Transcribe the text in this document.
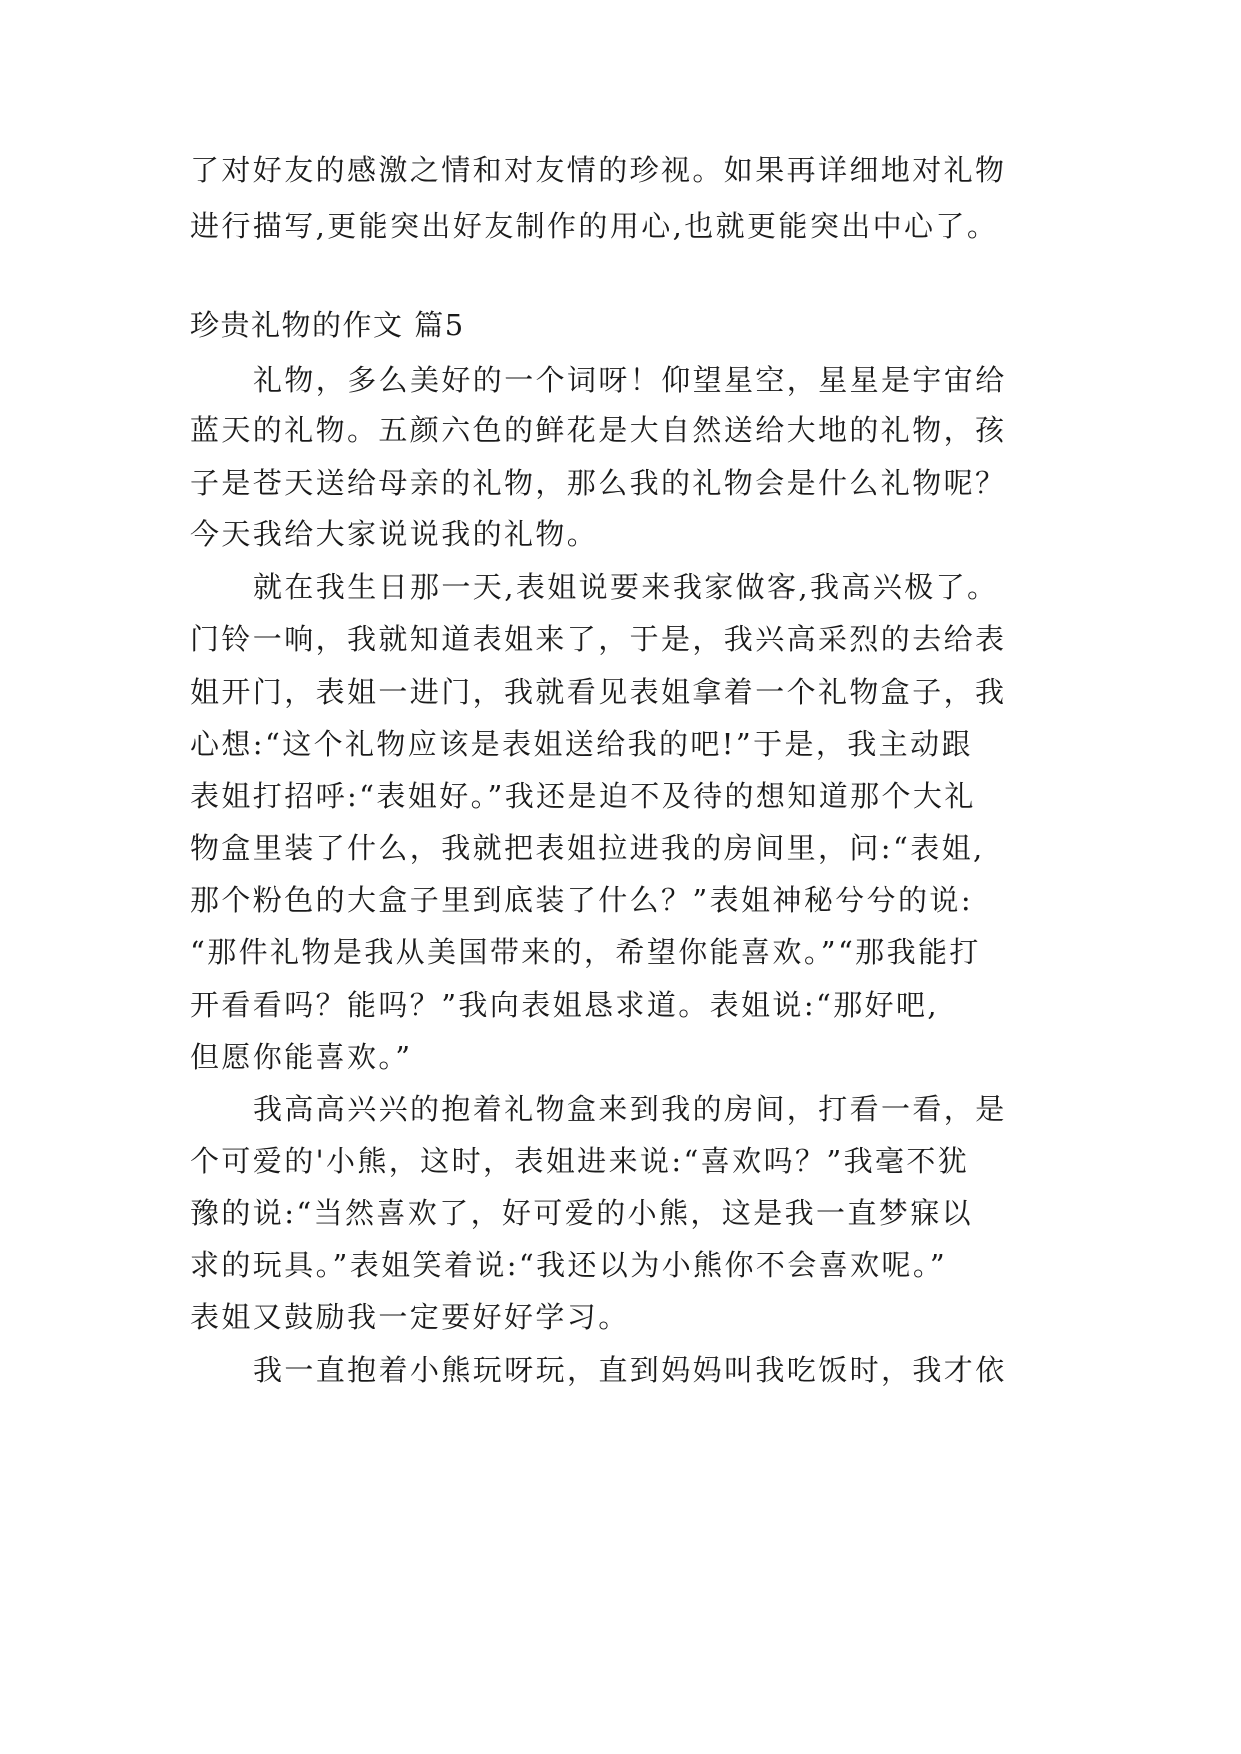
了对好友的感激之情和对友情的珍视。如果再详细地对礼物
进行描写,更能突出好友制作的用心,也就更能突出中心了。
珍贵礼物的作文 篇5
礼物，多么美好的一个词呀！仰望星空，星星是宇宙给
蓝天的礼物。五颜六色的鲜花是大自然送给大地的礼物，孩
子是苍天送给母亲的礼物，那么我的礼物会是什么礼物呢？
今天我给大家说说我的礼物。
就在我生日那一天,表姐说要来我家做客,我高兴极了。
门铃一响，我就知道表姐来了，于是，我兴高采烈的去给表
姐开门，表姐一进门，我就看见表姐拿着一个礼物盒子，我
心想:“这个礼物应该是表姐送给我的吧!”于是，我主动跟
表姐打招呼:“表姐好。”我还是迫不及待的想知道那个大礼
物盒里装了什么，我就把表姐拉进我的房间里，问:“表姐,
那个粉色的大盒子里到底装了什么？”表姐神秘兮兮的说:
“那件礼物是我从美国带来的，希望你能喜欢。”“那我能打
开看看吗？能吗？”我向表姐恳求道。表姐说:“那好吧,
但愿你能喜欢。”
我高高兴兴的抱着礼物盒来到我的房间，打看一看，是
个可爱的'小熊，这时，表姐进来说:“喜欢吗？”我毫不犹
豫的说:“当然喜欢了，好可爱的小熊，这是我一直梦寐以
求的玩具。”表姐笑着说:“我还以为小熊你不会喜欢呢。”
表姐又鼓励我一定要好好学习。
我一直抱着小熊玩呀玩，直到妈妈叫我吃饭时，我才依
